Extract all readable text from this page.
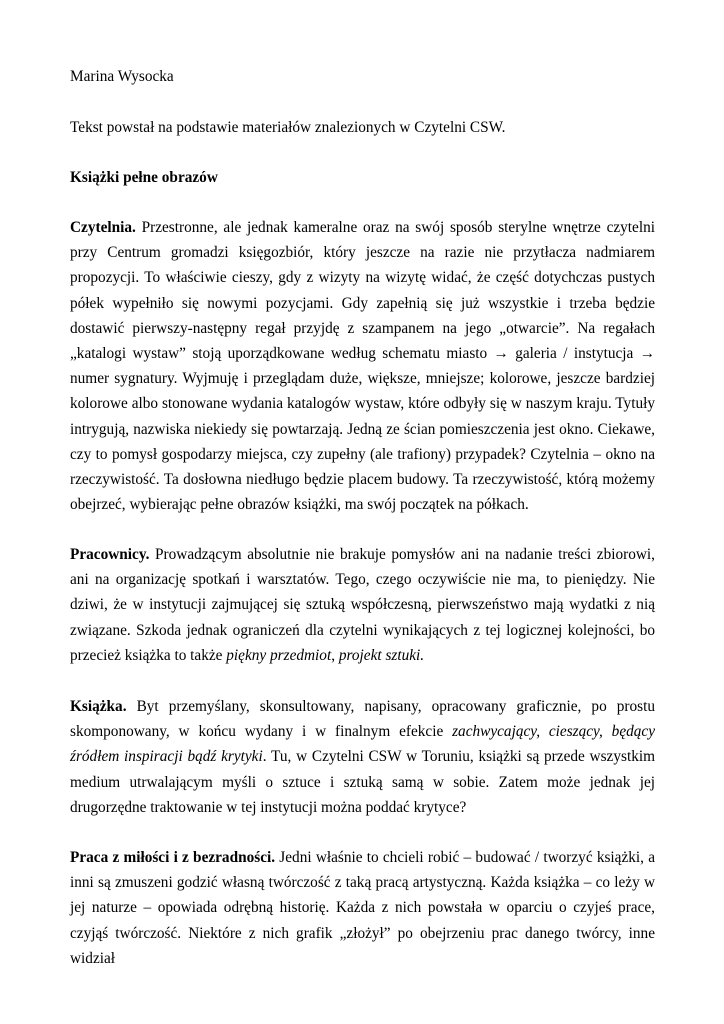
Marina Wysocka
Tekst powstał na podstawie materiałów znalezionych w Czytelni CSW.
Książki pełne obrazów

Czytelnia. Przestronne, ale jednak kameralne oraz na swój sposób sterylne wnętrze czytelni przy Centrum gromadzi księgozbiór, który jeszcze na razie nie przytłacza nadmiarem propozycji. To właściwie cieszy, gdy z wizyty na wizytę widać, że część dotychczas pustych półek wypełniło się nowymi pozycjami. Gdy zapełnią się już wszystkie i trzeba będzie dostawić pierwszy-następny regał przyjdę z szampanem na jego „otwarcie”. Na regałach „katalogi wystaw” stoją uporządkowane według schematu miasto → galeria / instytucja → numer sygnatury. Wyjmuję i przeglądam duże, większe, mniejsze; kolorowe, jeszcze bardziej kolorowe albo stonowane wydania katalogów wystaw, które odbyły się w naszym kraju. Tytuły intrygują, nazwiska niekiedy się powtarzają. Jedną ze ścian pomieszczenia jest okno. Ciekawe, czy to pomysł gospodarzy miejsca, czy zupełny (ale trafiony) przypadek? Czytelnia – okno na rzeczywistość. Ta dosłowna niedługo będzie placem budowy. Ta rzeczywistość, którą możemy obejrzeć, wybierając pełne obrazów książki, ma swój początek na półkach.

Pracownicy. Prowadzącym absolutnie nie brakuje pomysłów ani na nadanie treści zbiorowi, ani na organizację spotkań i warsztatów. Tego, czego oczywiście nie ma, to pieniędzy. Nie dziwi, że w instytucji zajmującej się sztuką współczesną, pierwszeństwo mają wydatki z nią związane. Szkoda jednak ograniczeń dla czytelni wynikających z tej logicznej kolejności, bo przecież książka to także piękny przedmiot, projekt sztuki.

Książka. Byt przemyślany, skonsultowany, napisany, opracowany graficznie, po prostu skomponowany, w końcu wydany i w finalnym efekcie zachwycający, cieszący, będący źródłem inspiracji bądź krytyki. Tu, w Czytelni CSW w Toruniu, książki są przede wszystkim medium utrwalającym myśli o sztuce i sztuką samą w sobie. Zatem może jednak jej drugorzędne traktowanie w tej instytucji można poddać krytyce?

Praca z miłości i z bezradności. Jedni właśnie to chcieli robić – budować / tworzyć książki, a inni są zmuszeni godzić własną twórczość z taką pracą artystyczną. Każda książka – co leży w jej naturze – opowiada odrębną historię. Każda z nich powstała w oparciu o czyjeś prace, czyjąś twórczość. Niektóre z nich grafik „złożył” po obejrzeniu prac danego twórcy, inne widział
